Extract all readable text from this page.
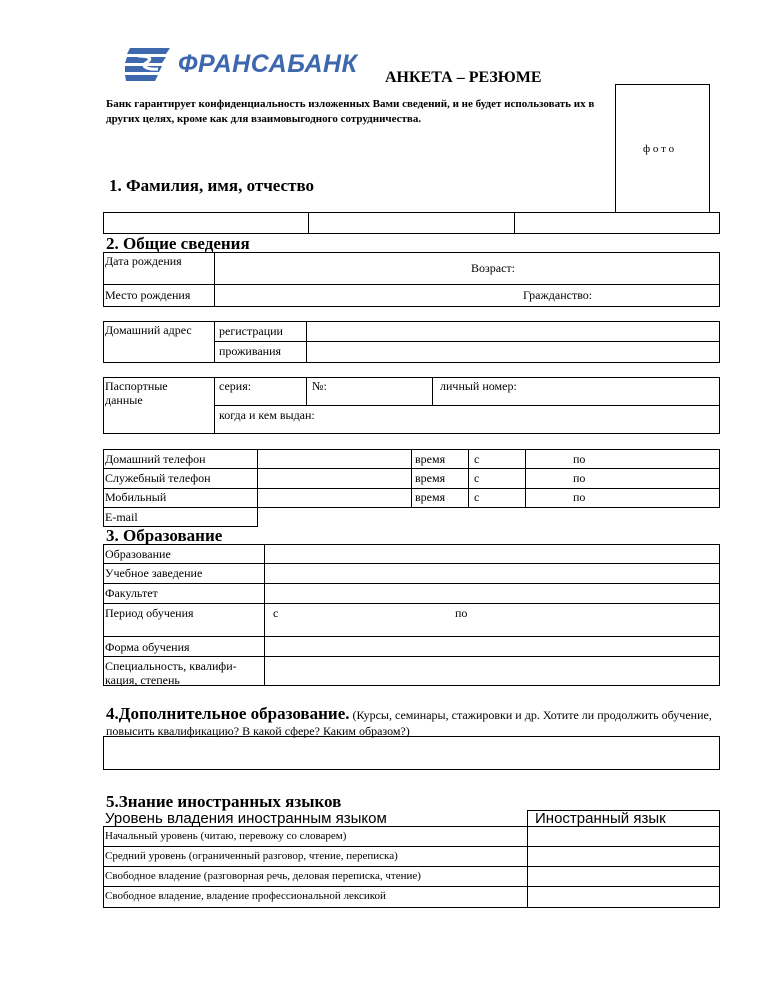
ФРАНСАБАНК АНКЕТА – РЕЗЮМЕ
Банк гарантирует конфиденциальность изложенных Вами сведений, и не будет использовать их в других целях, кроме как для взаимовыгодного сотрудничества.
ф о т о
1. Фамилия, имя, отчество
2. Общие сведения
Дата рождения	Возраст:
Место рождения	Гражданство:
Домашний адрес	регистрации
проживания
Паспортные данные
серия:	№:	личный номер:
когда и кем выдан:
Домашний телефон	время с	по
Служебный телефон	время с	по
Мобильный	время с	по
E-mail
3. Образование
Образование
Учебное заведение
Факультет
Период обучения	с	по
Форма обучения
Специальность, квалифи-кация, степень
4.Дополнительное образование. (Курсы, семинары, стажировки и др. Хотите ли продолжить обучение, повысить квалификацию? В какой сфере? Каким образом?)
5.Знание иностранных языков
Уровень владения иностранным языком	Иностранный язык
Начальный уровень (читаю, перевожу со словарем)
Средний уровень (ограниченный разговор, чтение, переписка)
Свободное владение (разговорная речь, деловая переписка, чтение)
Свободное владение, владение профессиональной лексикой
